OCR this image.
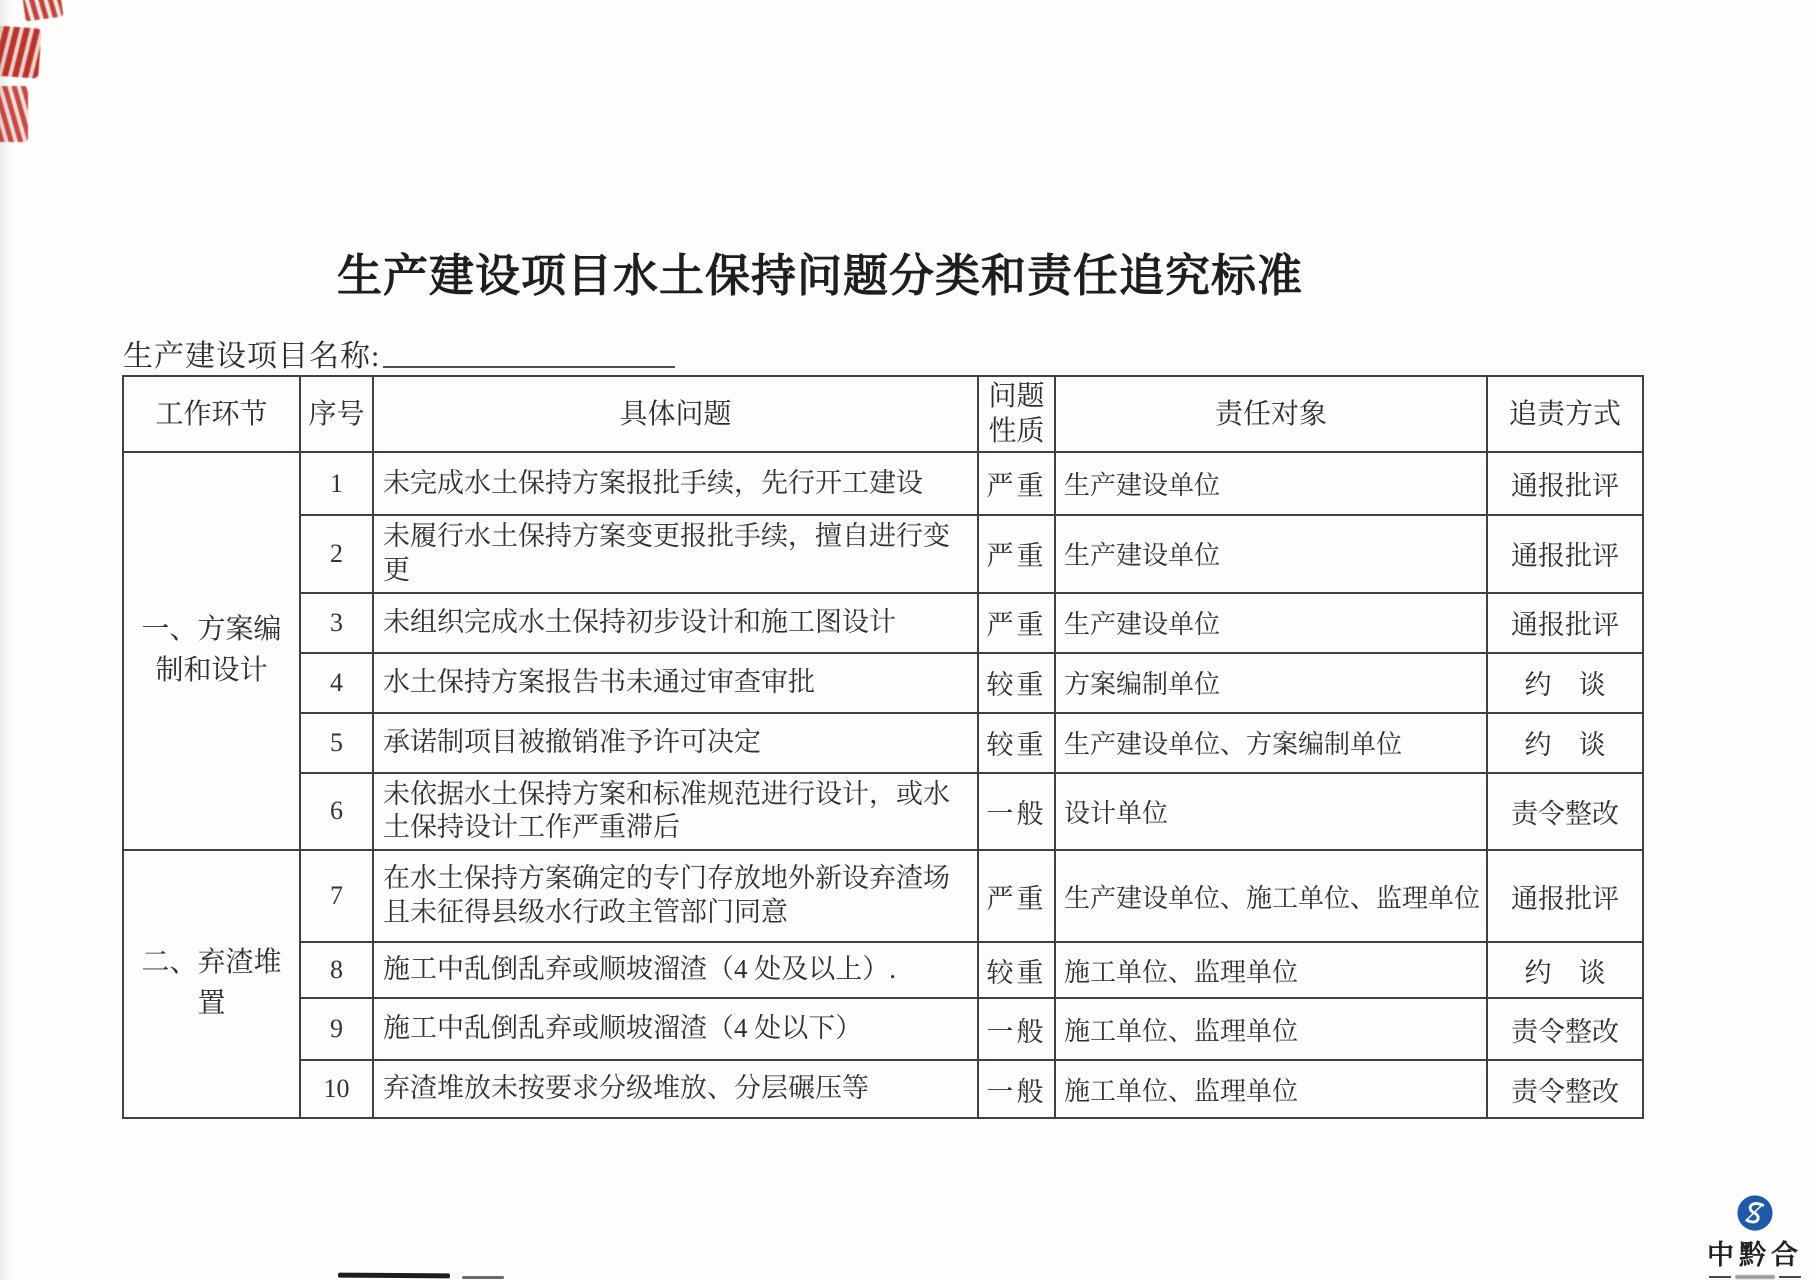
生产建设项目水土保持问题分类和责任追究标准
生产建设项目名称:
工作环节	序号	具体问题	问题性质	责任对象	追责方式
一、方案编制和设计	1	未完成水土保持方案报批手续，先行开工建设	严重	生产建设单位	通报批评
	2	未履行水土保持方案变更报批手续，擅自进行变更	严重	生产建设单位	通报批评
	3	未组织完成水土保持初步设计和施工图设计	严重	生产建设单位	通报批评
	4	水土保持方案报告书未通过审查审批	较重	方案编制单位	约　谈
	5	承诺制项目被撤销准予许可决定	较重	生产建设单位、方案编制单位	约　谈
	6	未依据水土保持方案和标准规范进行设计，或水土保持设计工作严重滞后	一般	设计单位	责令整改
二、弃渣堆置	7	在水土保持方案确定的专门存放地外新设弃渣场且未征得县级水行政主管部门同意	严重	生产建设单位、施工单位、监理单位	通报批评
	8	施工中乱倒乱弃或顺坡溜渣（4 处及以上）.	较重	施工单位、监理单位	约　谈
	9	施工中乱倒乱弃或顺坡溜渣（4 处以下）	一般	施工单位、监理单位	责令整改
	10	弃渣堆放未按要求分级堆放、分层碾压等	一般	施工单位、监理单位	责令整改
中黔合
